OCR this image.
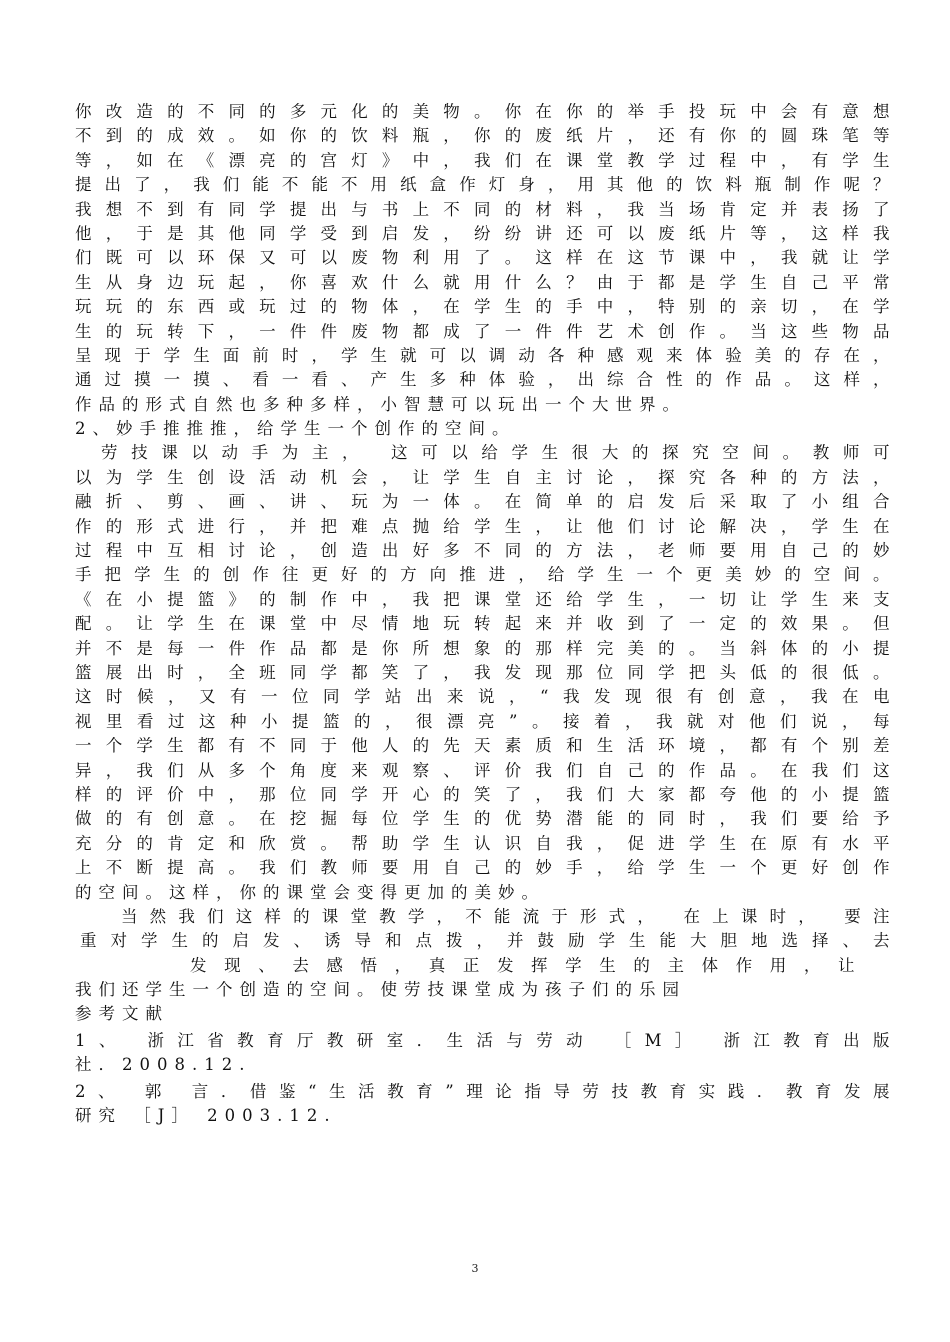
你改造的不同的多元化的美物。你在你的举手投玩中会有意想
不到的成效。如你的饮料瓶，你的废纸片，还有你的圆珠笔等
等，如在《漂亮的宫灯》中，我们在课堂教学过程中，有学生
提出了，我们能不能不用纸盒作灯身，用其他的饮料瓶制作呢？
我想不到有同学提出与书上不同的材料，我当场肯定并表扬了
他，于是其他同学受到启发，纷纷讲还可以废纸片等，这样我
们既可以环保又可以废物利用了。这样在这节课中，我就让学
生从身边玩起，你喜欢什么就用什么？由于都是学生自己平常
玩玩的东西或玩过的物体，在学生的手中，特别的亲切，在学
生的玩转下，一件件废物都成了一件件艺术创作。当这些物品
呈现于学生面前时，学生就可以调动各种感观来体验美的存在，
通过摸一摸、看一看、产生多种体验，出综合性的作品。这样，
作品的形式自然也多种多样，小智慧可以玩出一个大世界。
2、妙手推推推，给学生一个创作的空间。
劳技课以动手为主， 这可以给学生很大的探究空间。教师可
以为学生创设活动机会，让学生自主讨论，探究各种的方法，
融折、剪、画、讲、玩为一体。在简单的启发后采取了小组合
作的形式进行，并把难点抛给学生，让他们讨论解决，学生在
过程中互相讨论，创造出好多不同的方法，老师要用自己的妙
手把学生的创作往更好的方向推进，给学生一个更美妙的空间。
《在小提篮》的制作中，我把课堂还给学生，一切让学生来支
配。让学生在课堂中尽情地玩转起来并收到了一定的效果。但
并不是每一件作品都是你所想象的那样完美的。当斜体的小提
篮展出时，全班同学都笑了，我发现那位同学把头低的很低。
这时候，又有一位同学站出来说，“我发现很有创意，我在电
视里看过这种小提篮的，很漂亮”。接着，我就对他们说，每
一个学生都有不同于他人的先天素质和生活环境，都有个别差
异，我们从多个角度来观察、评价我们自己的作品。在我们这
样的评价中，那位同学开心的笑了，我们大家都夸他的小提篮
做的有创意。在挖掘每位学生的优势潜能的同时，我们要给予
充分的肯定和欣赏。帮助学生认识自我，促进学生在原有水平
上不断提高。我们教师要用自己的妙手，给学生一个更好创作
的空间。这样，你的课堂会变得更加的美妙。
当然我们这样的课堂教学，不能流于形式， 在上课时， 要注
重对学生的启发、诱导和点拨，并鼓励学生能大胆地选择、去
发现、去感悟，真正发挥学生的主体作用，让
我们还学生一个创造的空间。使劳技课堂成为孩子们的乐园
参考文献
1、 浙江省教育厅教研室．生活与劳动 ［M］ 浙江教育出版
社．2008.12.
2、 郭 言．借鉴“生活教育”理论指导劳技教育实践．教育发展
研究 ［J］ 2003.12.
3
